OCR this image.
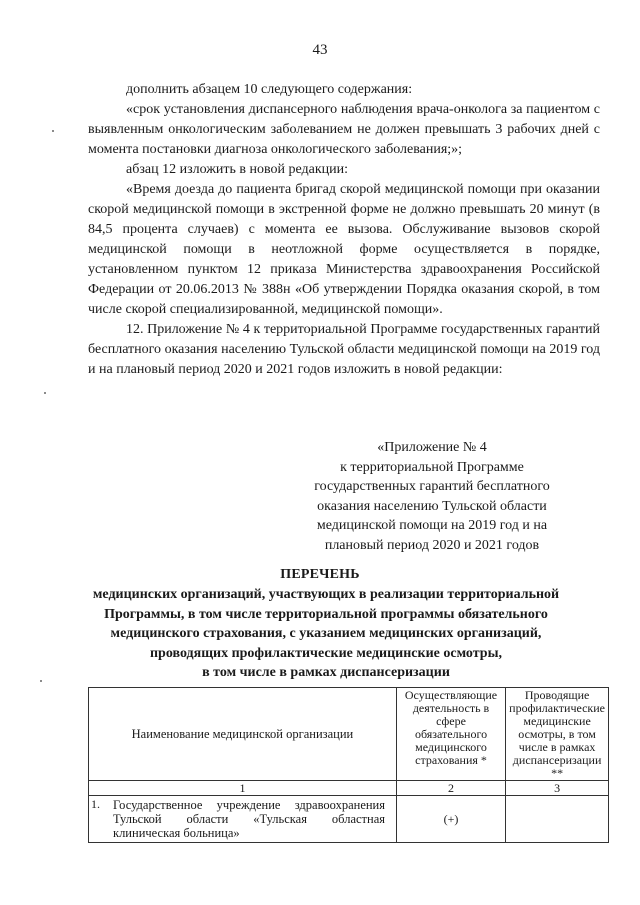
43

дополнить абзацем 10 следующего содержания:

«срок установления диспансерного наблюдения врача-онколога за пациентом с выявленным онкологическим заболеванием не должен превышать 3 рабочих дней с момента постановки диагноза онкологического заболевания;»;

абзац 12 изложить в новой редакции:

«Время доезда до пациента бригад скорой медицинской помощи при оказании скорой медицинской помощи в экстренной форме не должно превышать 20 минут (в 84,5 процента случаев) с момента ее вызова. Обслуживание вызовов скорой медицинской помощи в неотложной форме осуществляется в порядке, установленном пунктом 12 приказа Министерства здравоохранения Российской Федерации от 20.06.2013 № 388н «Об утверждении Порядка оказания скорой, в том числе скорой специализированной, медицинской помощи».

12. Приложение № 4 к территориальной Программе государственных гарантий бесплатного оказания населению Тульской области медицинской помощи на 2019 год и на плановый период 2020 и 2021 годов изложить в новой редакции:

«Приложение № 4
к территориальной Программе
государственных гарантий бесплатного
оказания населению Тульской области
медицинской помощи на 2019 год и на
плановый период 2020 и 2021 годов
ПЕРЕЧЕНЬ
медицинских организаций, участвующих в реализации территориальной
Программы, в том числе территориальной программы обязательного
медицинского страхования, с указанием медицинских организаций,
проводящих профилактические медицинские осмотры,
в том числе в рамках диспансеризации
Наименование медицинской организации	Осуществляющие деятельность в сфере обязательного медицинского страхования *	Проводящие профилактические медицинские осмотры, в том числе в рамках диспансеризации **
1	2	3
1. Государственное учреждение здравоохранения Тульской области «Тульская областная клиническая больница»	(+)	
